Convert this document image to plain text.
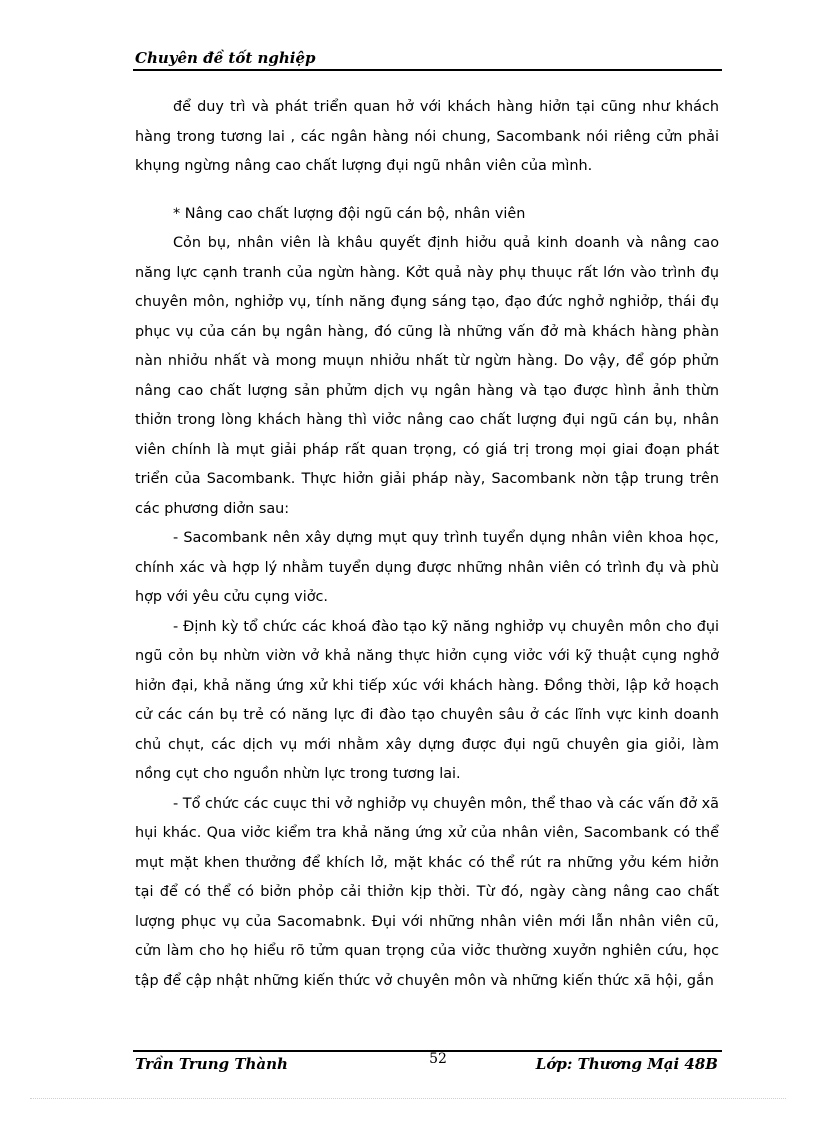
Chuyên đề tốt nghiệp

để duy trì và phát triển quan hở với khách hàng hiởn tại cũng như khách hàng trong tương lai , các ngân hàng nói chung, Sacombank nói riêng cửn phải khụng ngừng nâng cao chất lượng đụi ngũ nhân viên của mình.

* Nâng cao chất lượng đội ngũ cán bộ, nhân viên

Cỏn bụ, nhân viên là khâu quyết định hiởu quả kinh doanh và nâng cao năng lực cạnh tranh của ngừn hàng. Kởt quả này phụ thuục rất lớn vào trình đụ chuyên môn, nghiởp vụ, tính năng đụng sáng tạo, đạo đức nghở nghiởp, thái đụ phục vụ của cán bụ ngân hàng, đó cũng là những vấn đở mà khách hàng phàn nàn nhiởu nhất và mong muụn nhiởu nhất từ ngừn hàng. Do vậy, để góp phửn nâng cao chất lượng sản phửm dịch vụ ngân hàng và tạo được hình ảnh thừn thiởn trong lòng khách hàng thì viởc nâng cao chất lượng đụi ngũ cán bụ, nhân viên chính là mụt giải pháp rất quan trọng, có giá trị trong mọi giai đoạn phát triển của Sacombank. Thực hiởn giải pháp này, Sacombank nờn tập trung trên các phương diởn sau:

- Sacombank nên xây dựng mụt quy trình tuyển dụng nhân viên khoa học, chính xác và hợp lý nhằm tuyển dụng được những nhân viên có trình đụ và phù hợp với yêu cửu cụng viởc.

- Định kỳ tổ chức các khoá đào tạo kỹ năng nghiởp vụ chuyên môn cho đụi ngũ cỏn bụ nhừn viờn vở khả năng thực hiởn cụng viởc với kỹ thuật cụng nghở hiởn đại, khả năng ứng xử khi tiếp xúc với khách hàng. Đồng thời, lập kở hoạch cử các cán bụ trẻ có năng lực đi đào tạo chuyên sâu ở các lĩnh vực kinh doanh chủ chụt, các dịch vụ mới nhằm xây dựng được đụi ngũ chuyên gia giỏi, làm nồng cụt cho nguồn nhừn lực trong tương lai.

- Tổ chức các cuục thi vở nghiởp vụ chuyên môn, thể thao và các vấn đở xã hụi khác. Qua viởc kiểm tra khả năng ứng xử của nhân viên, Sacombank có thể mụt mặt khen thưởng để khích lở, mặt khác có thể rút ra những yởu kém hiởn tại để có thể có biởn phỏp cải thiởn kịp thời. Từ đó, ngày càng nâng cao chất lượng phục vụ của Sacomabnk. Đụi với những nhân viên mới lẫn nhân viên cũ, cửn làm cho họ hiểu rõ tửm quan trọng của viởc thường xuyởn nghiên cứu, học tập để cập nhật những kiến thức vở chuyên môn và những kiến thức xã hội, gắn

Trần Trung Thành	52	Lớp: Thương Mại 48B
